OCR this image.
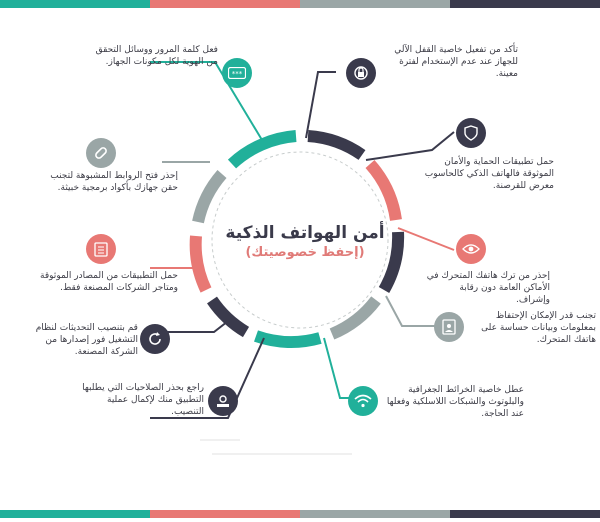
أمن الهواتف الذكية
(إحفظ خصوصيتك)
***
فعل كلمة المرور ووسائل التحقق من الهوية لكل مكونات الجهاز.
إحذر فتح الروابط المشبوهة لتجنب حقن جهازك بأكواد برمجية خبيثة.
حمل التطبيقات من المصادر الموثوقة ومتاجر الشركات المصنعة فقط.
قم بتنصيب التحديثات لنظام التشغيل فور إصدارها من الشركة المصنعة.
راجع بحذر الصلاحيات التي يطلبها التطبيق منك لإكمال عملية التنصيب.
تأكد من تفعيل خاصية القفل الآلي للجهاز عند عدم الإستخدام لفترة معينة.
حمل تطبيقات الحماية والأمان الموثوقة فالهاتف الذكي كالحاسوب معرض للقرصنة.
إحذر من ترك هاتفك المتحرك في الأماكن العامة دون رقابة وإشراف.
تجنب قدر الإمكان الإحتفاظ بمعلومات وبيانات حساسة على هاتفك المتحرك.
عطل خاصية الخرائط الجغرافية والبلوتوث والشبكات اللاسلكية وفعلها عند الحاجة.
